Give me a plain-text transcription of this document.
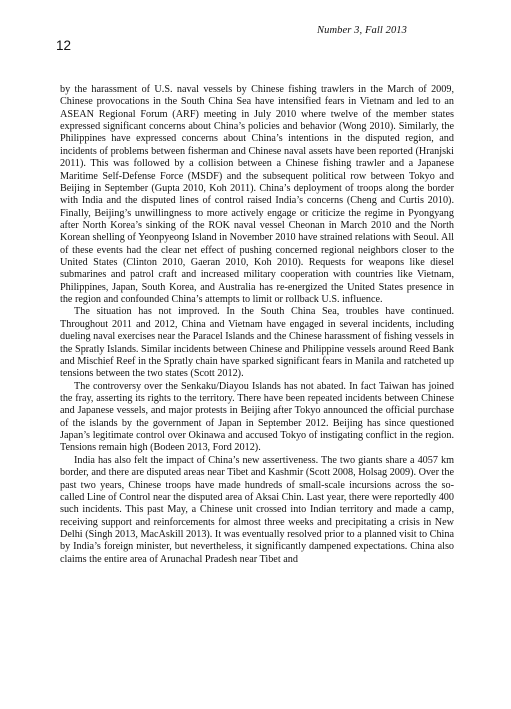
Number 3, Fall 2013
12

by the harassment of U.S. naval vessels by Chinese fishing trawlers in the March of 2009, Chinese provocations in the South China Sea have intensified fears in Vietnam and led to an ASEAN Regional Forum (ARF) meeting in July 2010 where twelve of the member states expressed significant concerns about China’s policies and behavior (Wong 2010). Similarly, the Philippines have expressed concerns about China’s intentions in the disputed region, and incidents of problems between fisherman and Chinese naval assets have been reported (Hranjski 2011). This was followed by a collision between a Chinese fishing trawler and a Japanese Maritime Self-Defense Force (MSDF) and the subsequent political row between Tokyo and Beijing in September (Gupta 2010, Koh 2011). China’s deployment of troops along the border with India and the disputed lines of control raised India’s concerns (Cheng and Curtis 2010). Finally, Beijing’s unwillingness to more actively engage or criticize the regime in Pyongyang after North Korea’s sinking of the ROK naval vessel Cheonan in March 2010 and the North Korean shelling of Yeonpyeong Island in November 2010 have strained relations with Seoul. All of these events had the clear net effect of pushing concerned regional neighbors closer to the United States (Clinton 2010, Gaeran 2010, Koh 2010). Requests for weapons like diesel submarines and patrol craft and increased military cooperation with countries like Vietnam, Philippines, Japan, South Korea, and Australia has re-energized the United States presence in the region and confounded China’s attempts to limit or rollback U.S. influence.

The situation has not improved. In the South China Sea, troubles have continued. Throughout 2011 and 2012, China and Vietnam have engaged in several incidents, including dueling naval exercises near the Paracel Islands and the Chinese harassment of fishing vessels in the Spratly Islands. Similar incidents between Chinese and Philippine vessels around Reed Bank and Mischief Reef in the Spratly chain have sparked significant fears in Manila and ratcheted up tensions between the two states (Scott 2012).

The controversy over the Senkaku/Diayou Islands has not abated. In fact Taiwan has joined the fray, asserting its rights to the territory. There have been repeated incidents between Chinese and Japanese vessels, and major protests in Beijing after Tokyo announced the official purchase of the islands by the government of Japan in September 2012. Beijing has since questioned Japan’s legitimate control over Okinawa and accused Tokyo of instigating conflict in the region. Tensions remain high (Bodeen 2013, Ford 2012).

India has also felt the impact of China’s new assertiveness. The two giants share a 4057 km border, and there are disputed areas near Tibet and Kashmir (Scott 2008, Holsag 2009). Over the past two years, Chinese troops have made hundreds of small-scale incursions across the so-called Line of Control near the disputed area of Aksai Chin. Last year, there were reportedly 400 such incidents. This past May, a Chinese unit crossed into Indian territory and made a camp, receiving support and reinforcements for almost three weeks and precipitating a crisis in New Delhi (Singh 2013, MacAskill 2013). It was eventually resolved prior to a planned visit to China by India’s foreign minister, but nevertheless, it significantly dampened expectations. China also claims the entire area of Arunachal Pradesh near Tibet and
